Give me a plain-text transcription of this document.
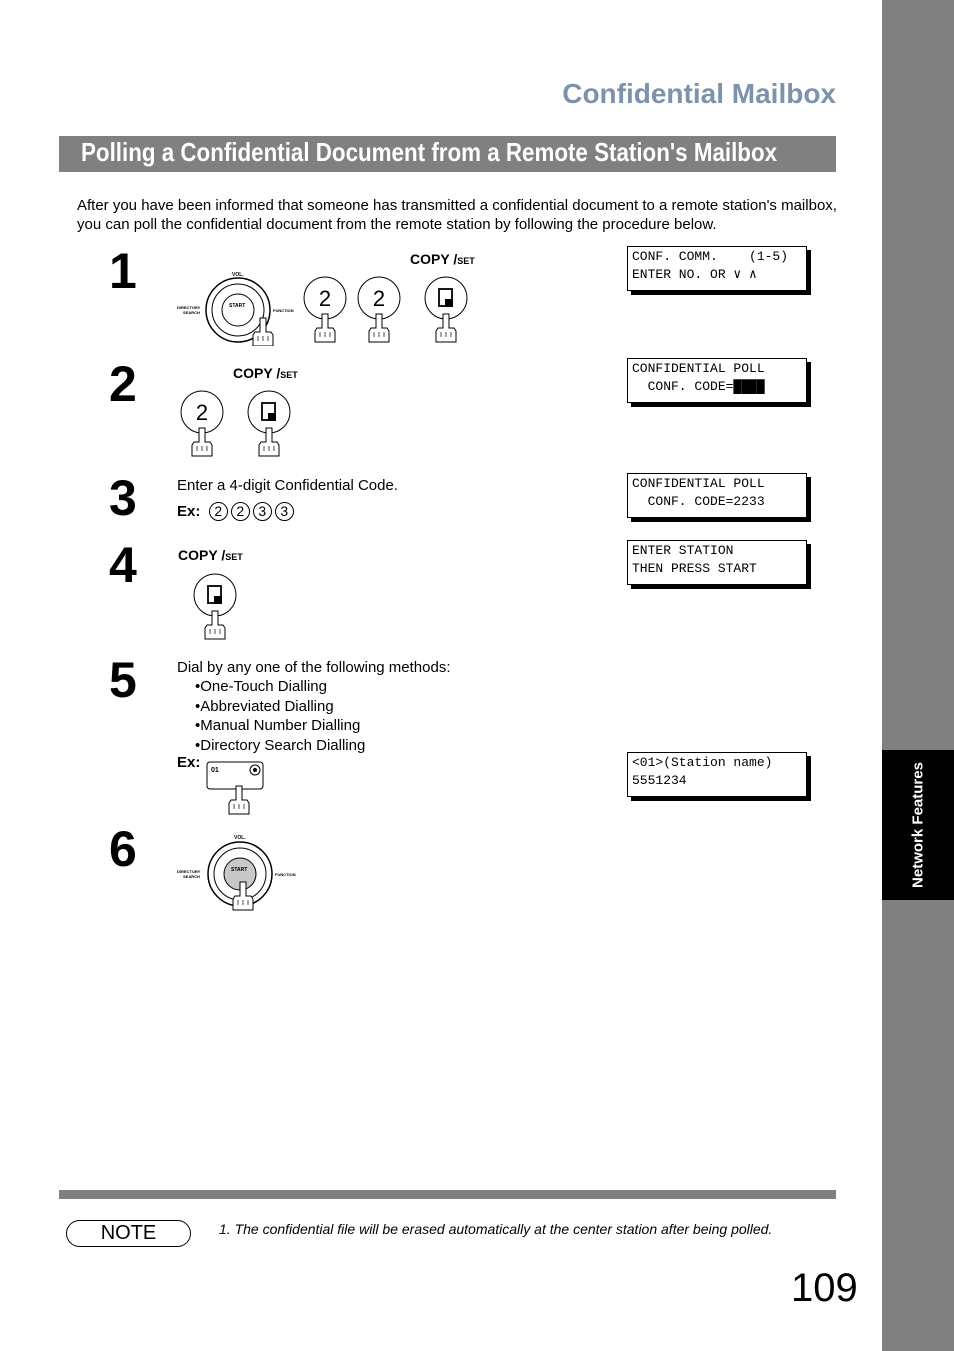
Network Features
Confidential Mailbox
Polling a Confidential Document from a Remote Station's Mailbox
After you have been informed that someone has transmitted a confidential document to a remote station's mailbox, you can poll the confidential document from the remote station by following the procedure below.
1	VOL.
START
DIRECTORY
SEARCH	FUNCTION
COPY /SET
2 2
CONF. COMM.    (1-5)
ENTER NO. OR ∨ ∧
2	COPY /SET
2
CONFIDENTIAL POLL
CONF. CODE=████
3	Enter a 4-digit Confidential Code.
Ex: 2 2 3 3
CONFIDENTIAL POLL
CONF. CODE=2233
4	COPY /SET	ENTER STATION
THEN PRESS START
5	Dial by any one of the following methods:
•One-Touch Dialling
•Abbreviated Dialling
•Manual Number Dialling
•Directory Search Dialling
Ex: 01
<01>(Station name)
5551234
6	VOL.
START
DIRECTORY
SEARCH	FUNCTION
NOTE	1. The confidential file will be erased automatically at the center station after being polled.
109
